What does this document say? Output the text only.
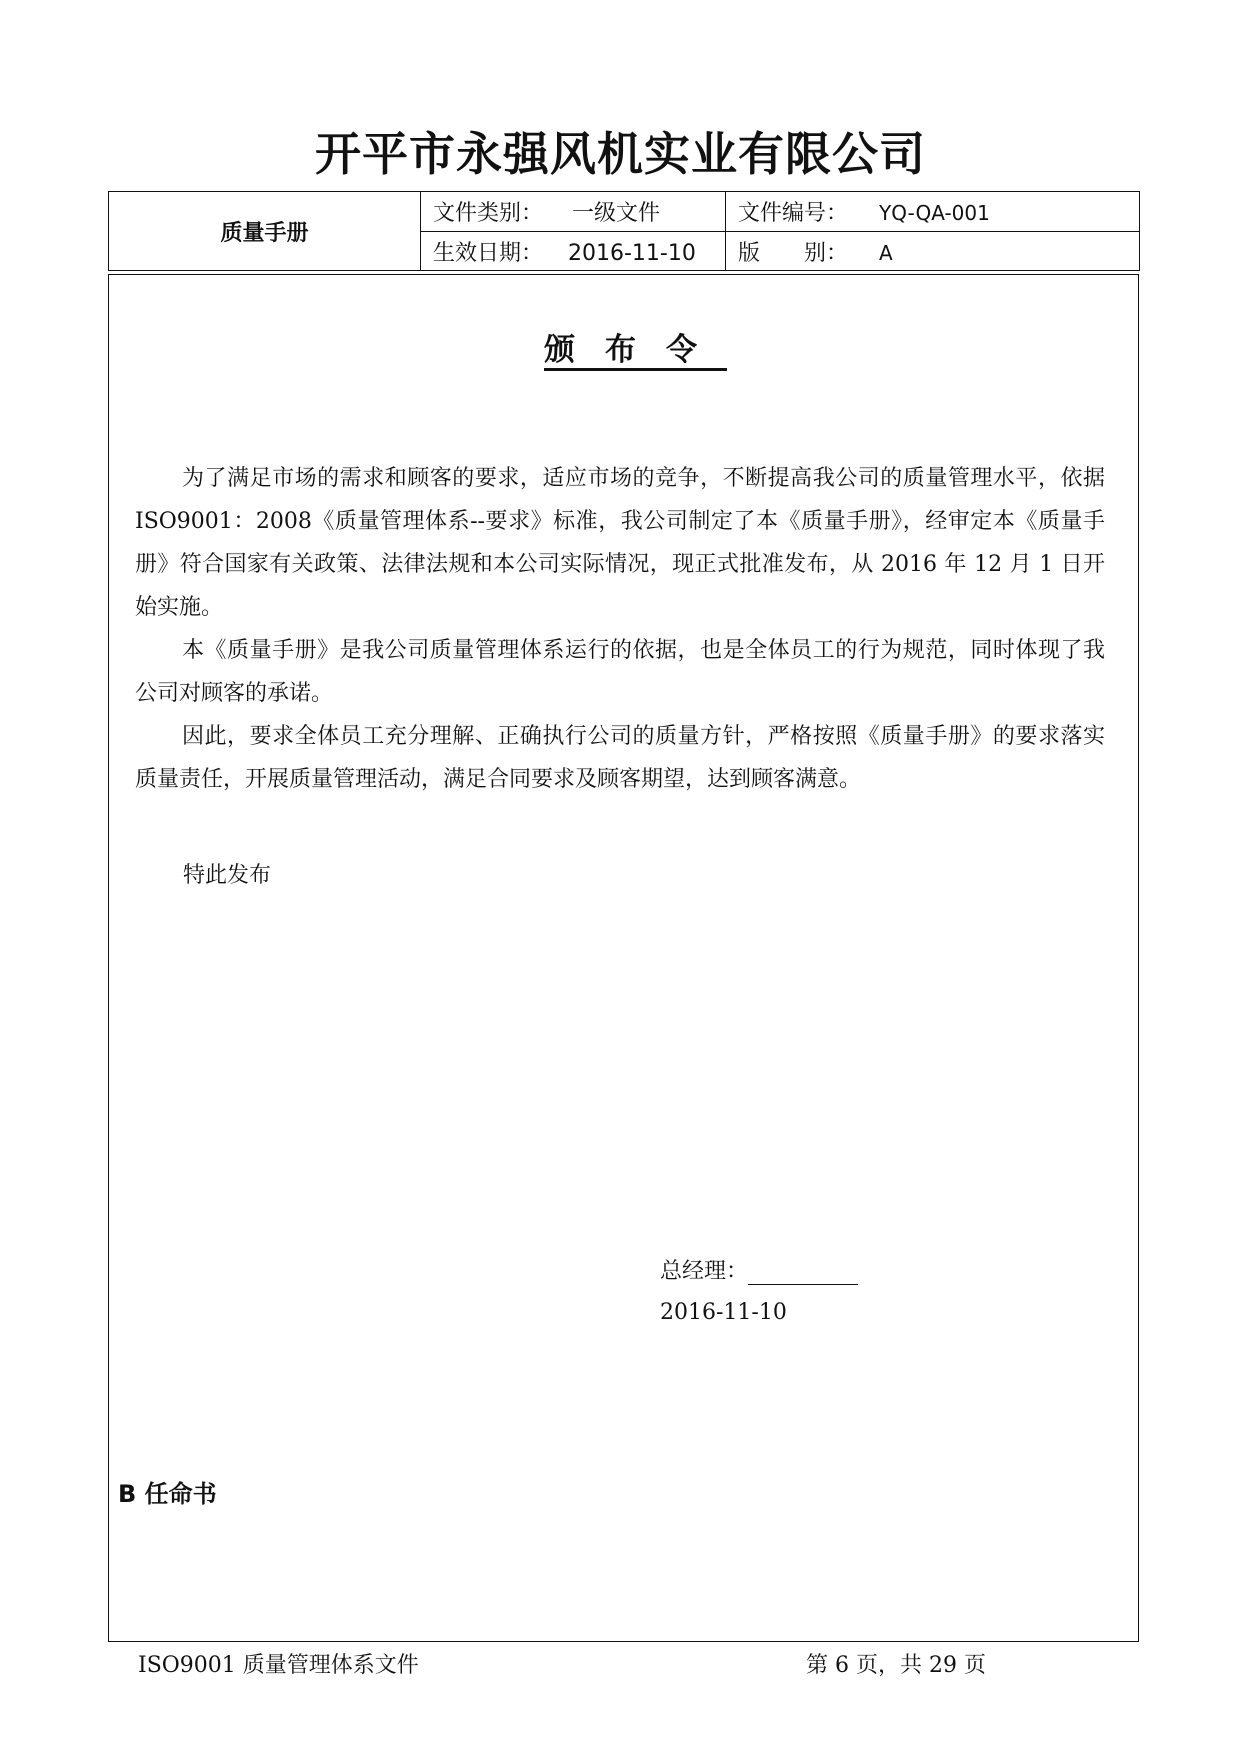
开平市永强风机实业有限公司
质量手册	文件类别： 一级文件	文件编号： YQ-QA-001
	生效日期： 2016-11-10	版　　别： A
颁布令

为了满足市场的需求和顾客的要求，适应市场的竞争，不断提高我公司的质量管理水平，依据 ISO9001：2008《质量管理体系--要求》标准，我公司制定了本《质量手册》，经审定本《质量手册》符合国家有关政策、法律法规和本公司实际情况，现正式批准发布，从 2016 年 12 月 1 日开始实施。

本《质量手册》是我公司质量管理体系运行的依据，也是全体员工的行为规范，同时体现了我公司对顾客的承诺。

因此，要求全体员工充分理解、正确执行公司的质量方针，严格按照《质量手册》的要求落实质量责任，开展质量管理活动，满足合同要求及顾客期望，达到顾客满意。

特此发布
总经理：
2016-11-10
B 任命书
ISO9001 质量管理体系文件	第 6 页，共 29 页
